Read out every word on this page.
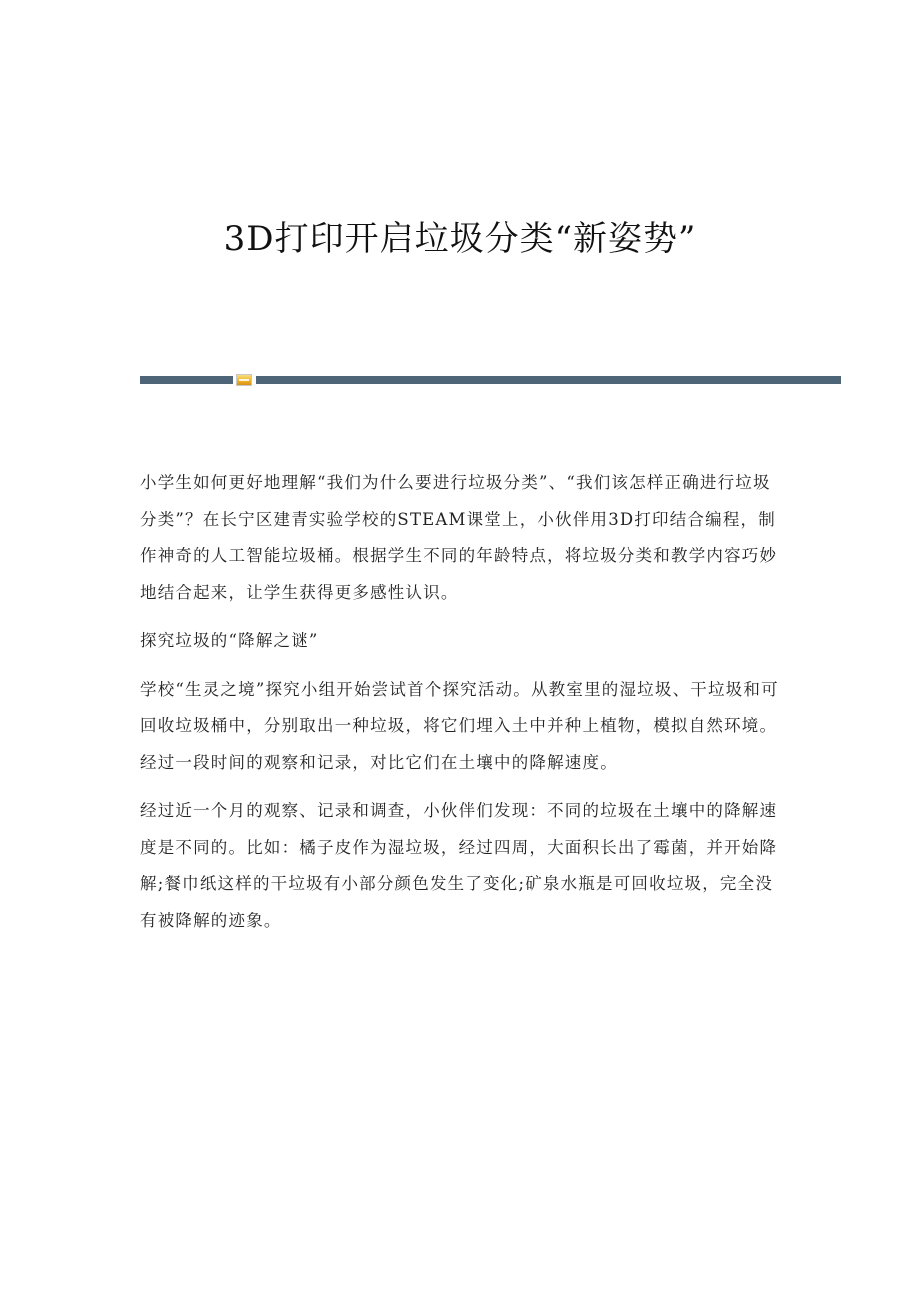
3D打印开启垃圾分类“新姿势”

小学生如何更好地理解“我们为什么要进行垃圾分类”、“我们该怎样正确进行垃圾分类”？在长宁区建青实验学校的STEAM课堂上，小伙伴用3D打印结合编程，制作神奇的人工智能垃圾桶。根据学生不同的年龄特点，将垃圾分类和教学内容巧妙地结合起来，让学生获得更多感性认识。

探究垃圾的“降解之谜”

学校“生灵之境”探究小组开始尝试首个探究活动。从教室里的湿垃圾、干垃圾和可回收垃圾桶中，分别取出一种垃圾，将它们埋入土中并种上植物，模拟自然环境。经过一段时间的观察和记录，对比它们在土壤中的降解速度。

经过近一个月的观察、记录和调查，小伙伴们发现：不同的垃圾在土壤中的降解速度是不同的。比如：橘子皮作为湿垃圾，经过四周，大面积长出了霉菌，并开始降解;餐巾纸这样的干垃圾有小部分颜色发生了变化;矿泉水瓶是可回收垃圾，完全没有被降解的迹象。
